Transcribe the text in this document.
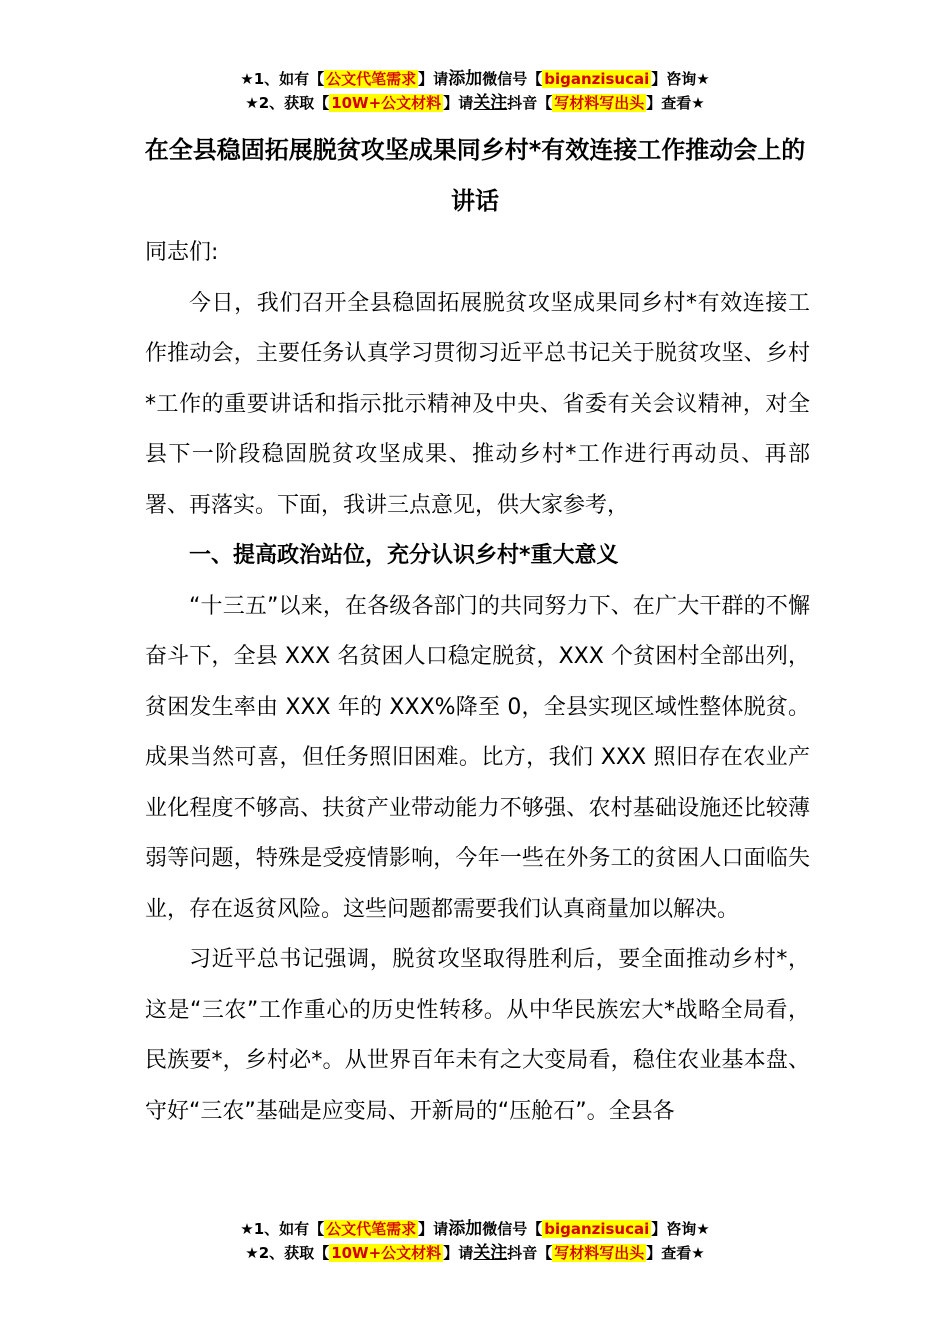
★1、如有【 公文代笔需求 】请添加微信号【 biganzisucai 】咨询★
★2、获取【 10W+公文材料 】请关注抖音【 写材料写出头 】查看★
在全县稳固拓展脱贫攻坚成果同乡村*有效连接工作推动会上的讲话

同志们:

今日，我们召开全县稳固拓展脱贫攻坚成果同乡村*有效连接工作推动会，主要任务认真学习贯彻习近平总书记关于脱贫攻坚、乡村*工作的重要讲话和指示批示精神及中央、省委有关会议精神，对全县下一阶段稳固脱贫攻坚成果、推动乡村*工作进行再动员、再部署、再落实。下面，我讲三点意见，供大家参考，

一、提高政治站位，充分认识乡村*重大意义

“十三五”以来，在各级各部门的共同努力下、在广大干群的不懈奋斗下，全县 XXX 名贫困人口稳定脱贫，XXX 个贫困村全部出列，贫困发生率由 XXX 年的 XXX%降至 0，全县实现区域性整体脱贫。成果当然可喜，但任务照旧困难。比方，我们 XXX 照旧存在农业产业化程度不够高、扶贫产业带动能力不够强、农村基础设施还比较薄弱等问题，特殊是受疫情影响，今年一些在外务工的贫困人口面临失业，存在返贫风险。这些问题都需要我们认真商量加以解决。

习近平总书记强调，脱贫攻坚取得胜利后，要全面推动乡村*，这是“三农”工作重心的历史性转移。从中华民族宏大*战略全局看，民族要*，乡村必*。从世界百年未有之大变局看，稳住农业基本盘、守好“三农”基础是应变局、开新局的“压舱石”。全县各

★1、如有【 公文代笔需求 】请添加微信号【 biganzisucai 】咨询★
★2、获取【 10W+公文材料 】请关注抖音【 写材料写出头 】查看★
